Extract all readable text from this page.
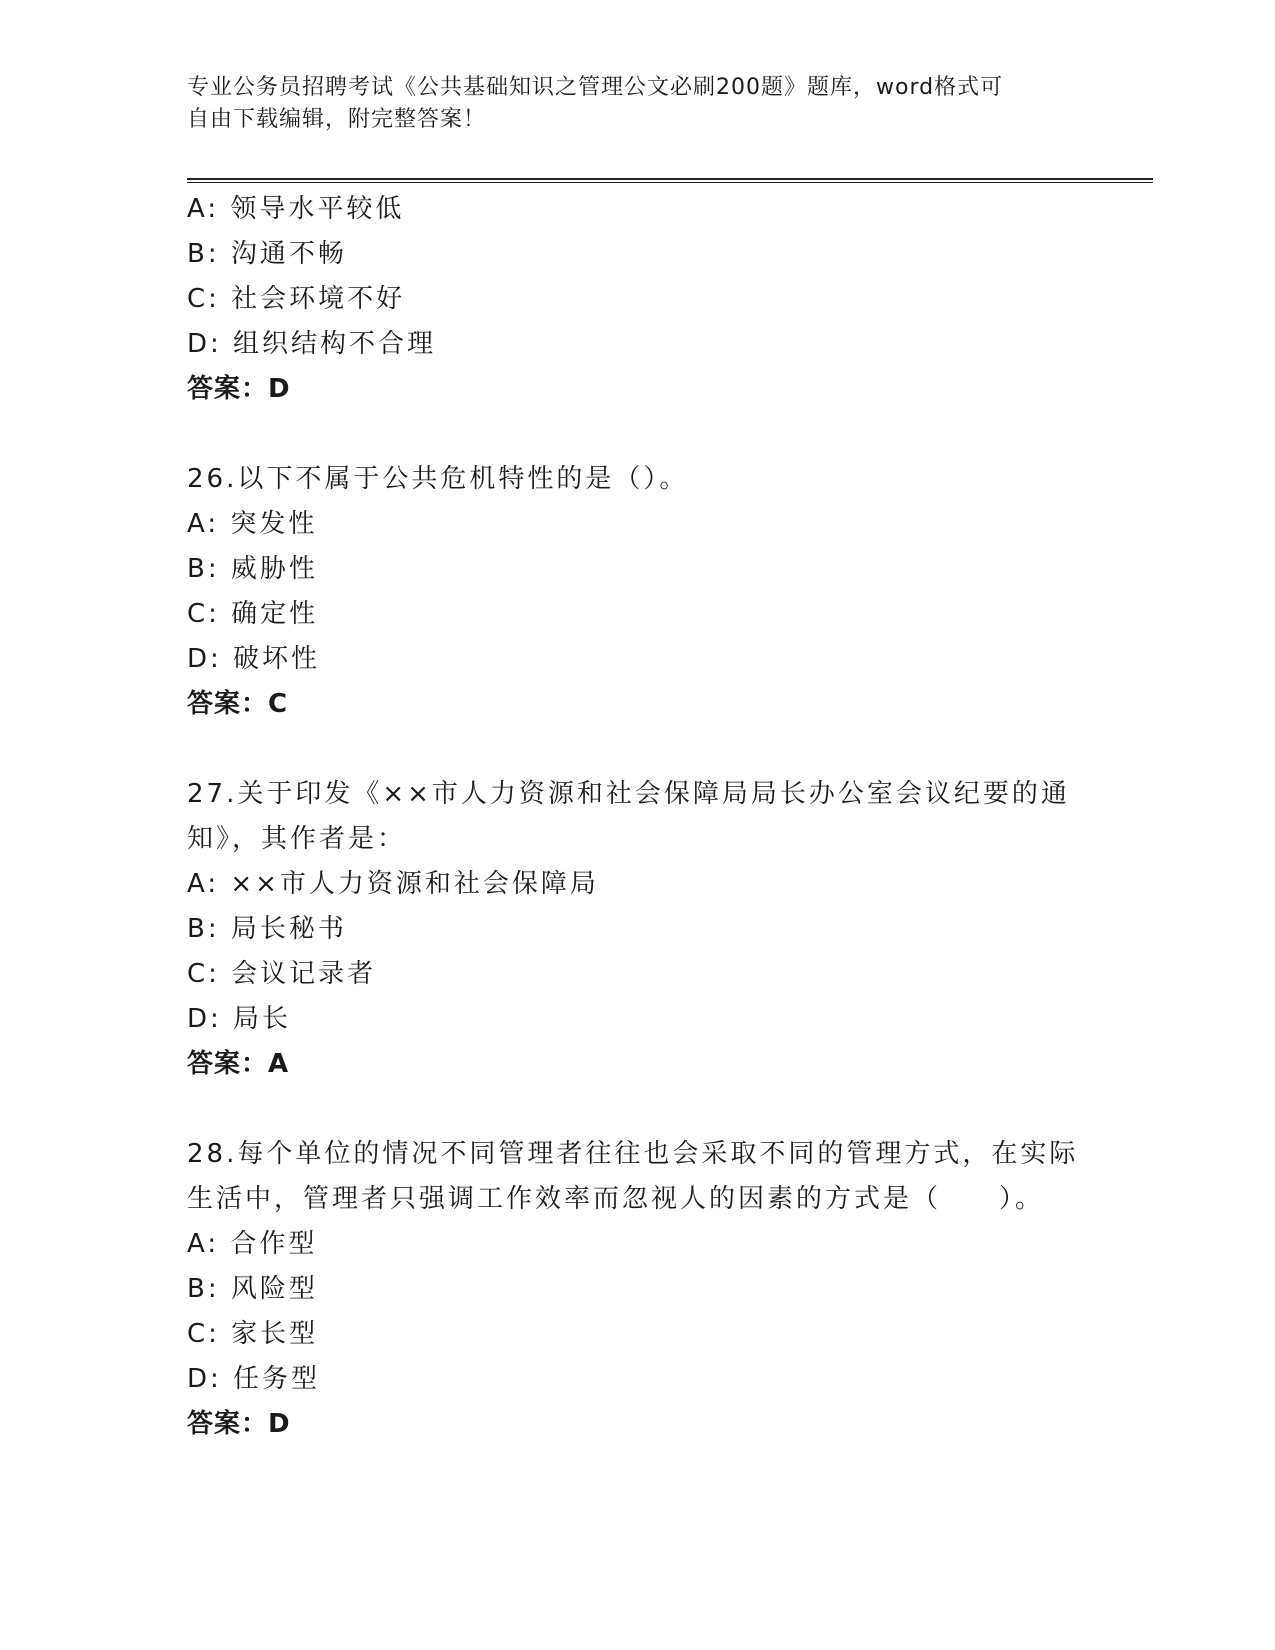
专业公务员招聘考试《公共基础知识之管理公文必刷200题》题库，word格式可
自由下载编辑，附完整答案！
A: 领导水平较低
B: 沟通不畅
C: 社会环境不好
D: 组织结构不合理
答案：D
26.以下不属于公共危机特性的是（）。
A: 突发性
B: 威胁性
C: 确定性
D: 破坏性
答案：C
27.关于印发《××市人力资源和社会保障局局长办公室会议纪要的通
知》，其作者是：
A: ××市人力资源和社会保障局
B: 局长秘书
C: 会议记录者
D: 局长
答案：A
28.每个单位的情况不同管理者往往也会采取不同的管理方式，在实际
生活中，管理者只强调工作效率而忽视人的因素的方式是（　　）。
A: 合作型
B: 风险型
C: 家长型
D: 任务型
答案：D
